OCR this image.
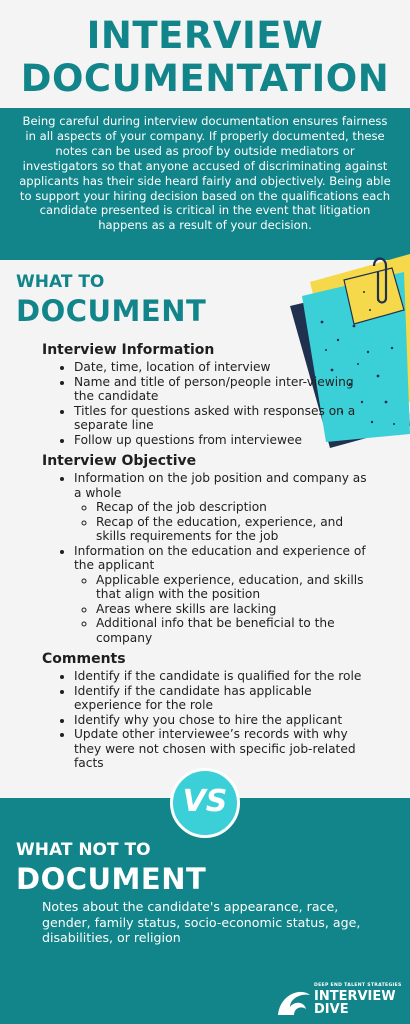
INTERVIEW
DOCUMENTATION

Being careful during interview documentation ensures fairness in all aspects of your company. If properly documented, these notes can be used as proof by outside mediators or investigators so that anyone accused of discriminating against applicants has their side heard fairly and objectively. Being able to support your hiring decision based on the qualifications each candidate presented is critical in the event that litigation happens as a result of your decision.

WHAT TO
DOCUMENT
Interview Information
• Date, time, location of interview
• Name and title of person/people inter-viewing the candidate
• Titles for questions asked with responses on a separate line
• Follow up questions from interviewee
Interview Objective
• Information on the job position and company as a whole
◦ Recap of the job description
◦ Recap of the education, experience, and skills requirements for the job
• Information on the education and experience of the applicant
◦ Applicable experience, education, and skills that align with the position
◦ Areas where skills are lacking
◦ Additional info that be beneficial to the company
Comments
• Identify if the candidate is qualified for the role
• Identify if the candidate has applicable experience for the role
• Identify why you chose to hire the applicant
• Update other interviewee’s records with why they were not chosen with specific job-related facts
VS
WHAT NOT TO
DOCUMENT
Notes about the candidate's appearance, race, gender, family status, socio-economic status, age, disabilities, or religion
DEEP END TALENT STRATEGIES
INTERVIEW
DIVE
